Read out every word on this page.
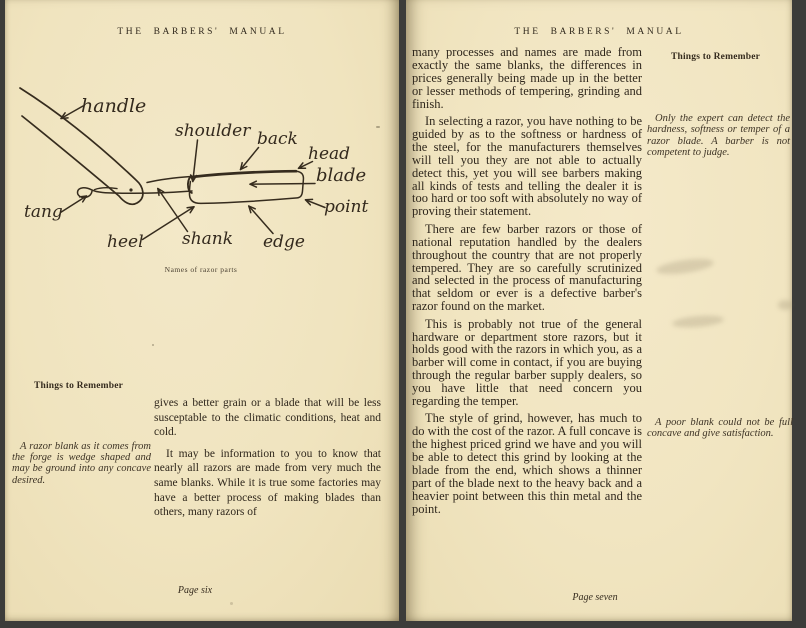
THE BARBERS' MANUAL
handle
shoulder back
head
blade
point
tang
heel shank edge
Names of razor parts
Things to Remember
A razor blank as it comes from the forge is wedge shaped and may be ground into any concave desired.

gives a better grain or a blade that will be less susceptable to the climatic conditions, heat and cold.

It may be information to you to know that nearly all razors are made from very much the same blanks. While it is true some factories may have a better process of making blades than others, many razors of

Page six
THE BARBERS' MANUAL

many processes and names are made from exactly the same blanks, the differences in prices generally being made up in the better or lesser methods of tempering, grinding and finish.

In selecting a razor, you have nothing to be guided by as to the softness or hardness of the steel, for the manufacturers themselves will tell you they are not able to actually detect this, yet you will see barbers making all kinds of tests and telling the dealer it is too hard or too soft with absolutely no way of proving their statement.

There are few barber razors or those of national reputation handled by the dealers throughout the country that are not properly tempered. They are so carefully scrutinized and selected in the process of manufacturing that seldom or ever is a defective barber's razor found on the market.

This is probably not true of the general hardware or department store razors, but it holds good with the razors in which you, as a barber will come in contact, if you are buying through the regular barber supply dealers, so you have little that need concern you regarding the temper.

The style of grind, however, has much to do with the cost of the razor. A full concave is the highest priced grind we have and you will be able to detect this grind by looking at the blade from the end, which shows a thinner part of the blade next to the heavy back and a heavier point between this thin metal and the point.

Things to Remember
Only the expert can detect the hardness, softness or temper of a razor blade. A barber is not competent to judge.
A poor blank could not be full concave and give satisfaction.
Page seven
